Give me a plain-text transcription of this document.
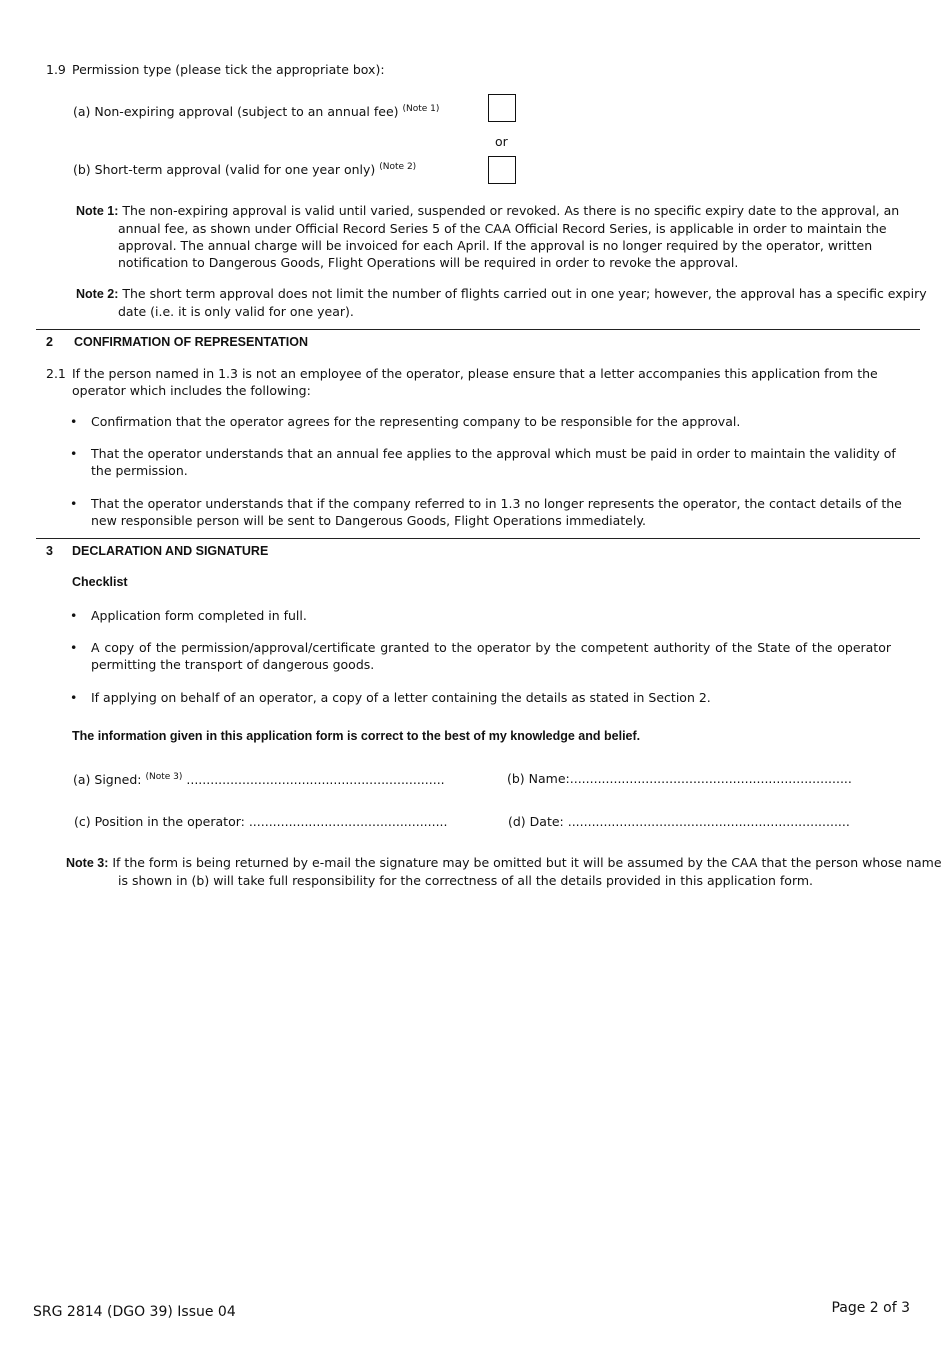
1.9 Permission type (please tick the appropriate box):
(a) Non-expiring approval (subject to an annual fee) $^{(Note 1)}$
or
(b) Short-term approval (valid for one year only) $^{(Note 2)}$
Note 1: The non-expiring approval is valid until varied, suspended or revoked. As there is no specific expiry date to the approval, an annual fee, as shown under Official Record Series 5 of the CAA Official Record Series, is applicable in order to maintain the approval. The annual charge will be invoiced for each April. If the approval is no longer required by the operator, written notification to Dangerous Goods, Flight Operations will be required in order to revoke the approval.
Note 2: The short term approval does not limit the number of flights carried out in one year; however, the approval has a specific expiry date (i.e. it is only valid for one year).
2 CONFIRMATION OF REPRESENTATION
2.1 If the person named in 1.3 is not an employee of the operator, please ensure that a letter accompanies this application from the operator which includes the following:
• Confirmation that the operator agrees for the representing company to be responsible for the approval.
• That the operator understands that an annual fee applies to the approval which must be paid in order to maintain the validity of the permission.
• That the operator understands that if the company referred to in 1.3 no longer represents the operator, the contact details of the new responsible person will be sent to Dangerous Goods, Flight Operations immediately.
3 DECLARATION AND SIGNATURE
Checklist
• Application form completed in full.
• A copy of the permission/approval/certificate granted to the operator by the competent authority of the State of the operator permitting the transport of dangerous goods.
• If applying on behalf of an operator, a copy of a letter containing the details as stated in Section 2.
The information given in this application form is correct to the best of my knowledge and belief.
(a) Signed: $^{(Note 3)}$ .................................................................	(b) Name:.......................................................................
(c) Position in the operator: ..................................................	(d) Date: .......................................................................
Note 3: If the form is being returned by e-mail the signature may be omitted but it will be assumed by the CAA that the person whose name is shown in (b) will take full responsibility for the correctness of all the details provided in this application form.
SRG 2814 (DGO 39) Issue 04	Page 2 of 3
